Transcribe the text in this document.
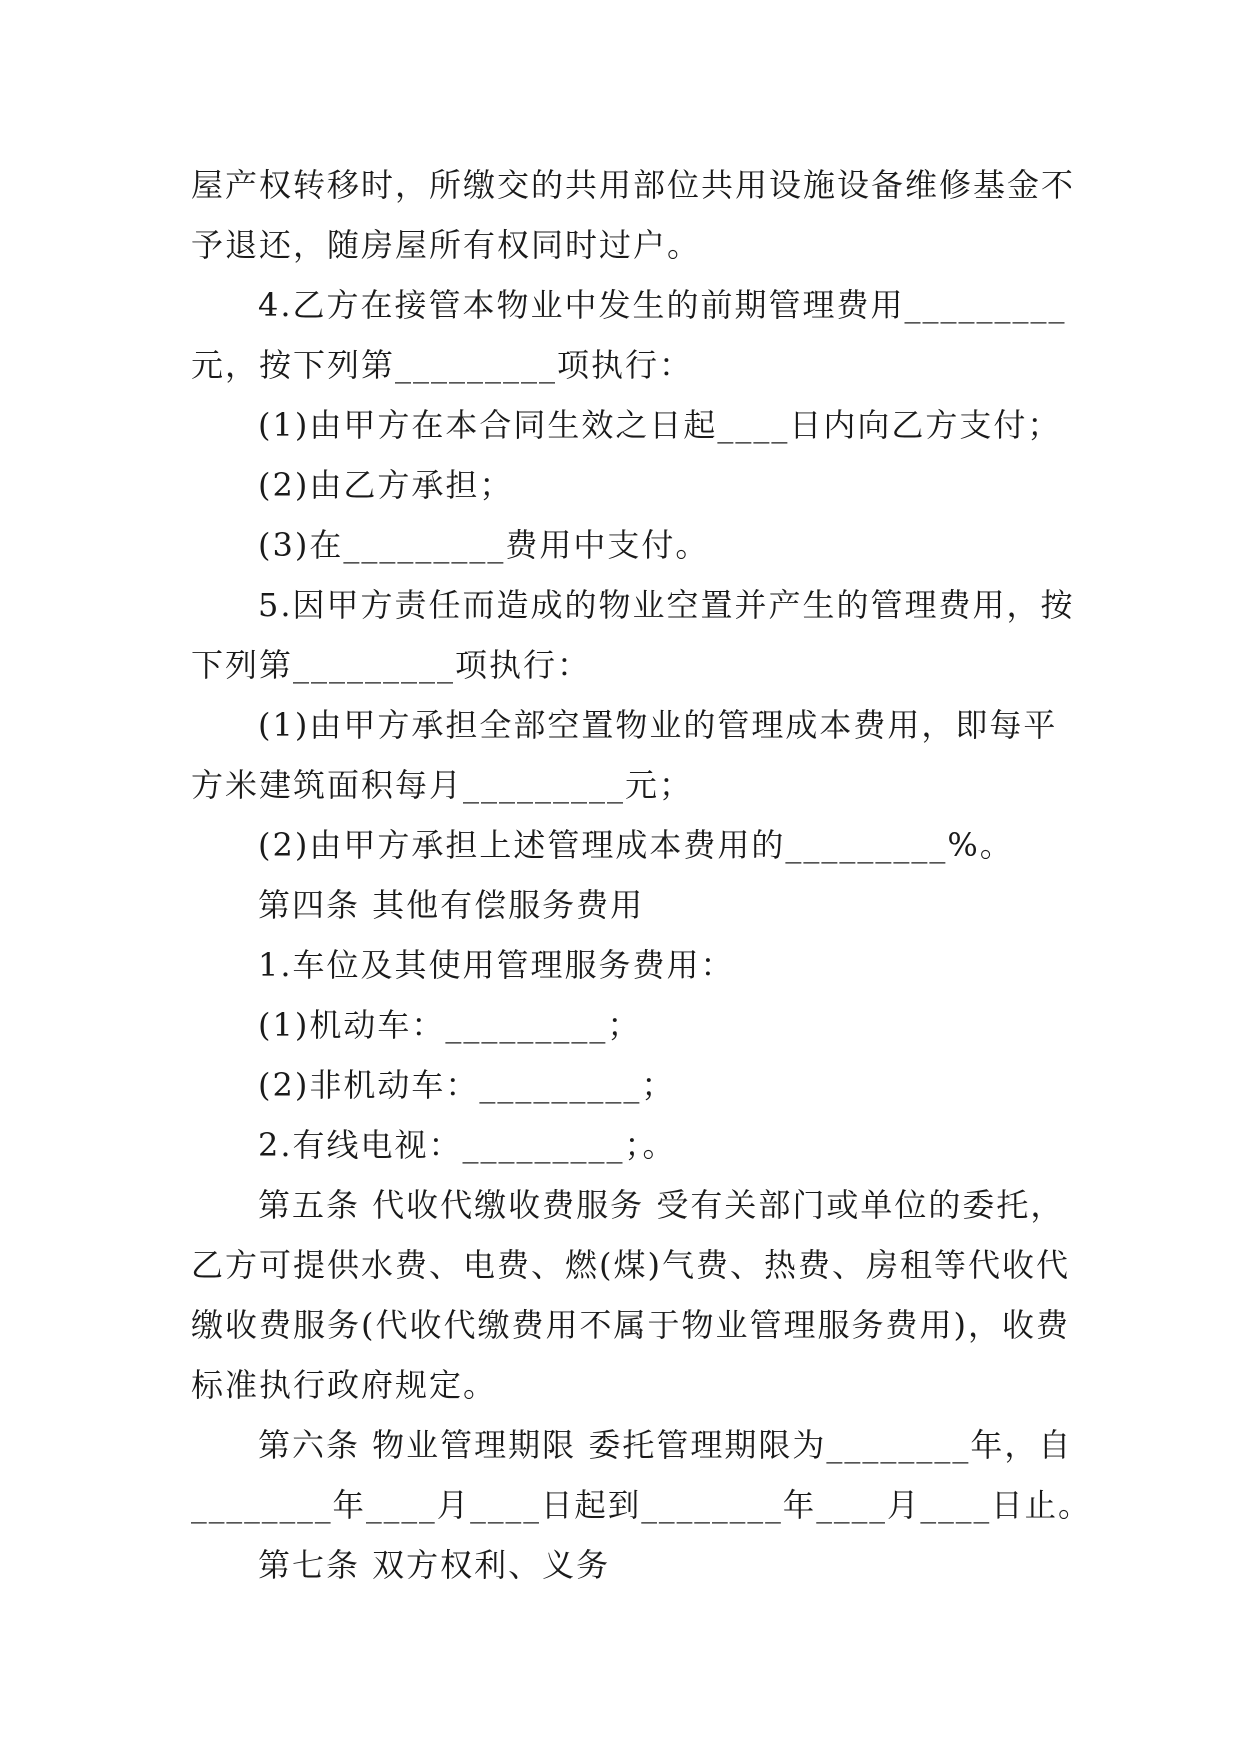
屋产权转移时，所缴交的共用部位共用设施设备维修基金不
予退还，随房屋所有权同时过户。
4.乙方在接管本物业中发生的前期管理费用_________
元，按下列第_________项执行：
(1)由甲方在本合同生效之日起____日内向乙方支付；
(2)由乙方承担；
(3)在_________费用中支付。
5.因甲方责任而造成的物业空置并产生的管理费用，按
下列第_________项执行：
(1)由甲方承担全部空置物业的管理成本费用，即每平
方米建筑面积每月_________元；
(2)由甲方承担上述管理成本费用的_________%。
第四条 其他有偿服务费用
1.车位及其使用管理服务费用：
(1)机动车：_________；
(2)非机动车：_________；
2.有线电视：_________；。
第五条 代收代缴收费服务 受有关部门或单位的委托，
乙方可提供水费、电费、燃(煤)气费、热费、房租等代收代
缴收费服务(代收代缴费用不属于物业管理服务费用)，收费
标准执行政府规定。
第六条 物业管理期限 委托管理期限为________年，自
________年____月____日起到________年____月____日止。
第七条 双方权利、义务
